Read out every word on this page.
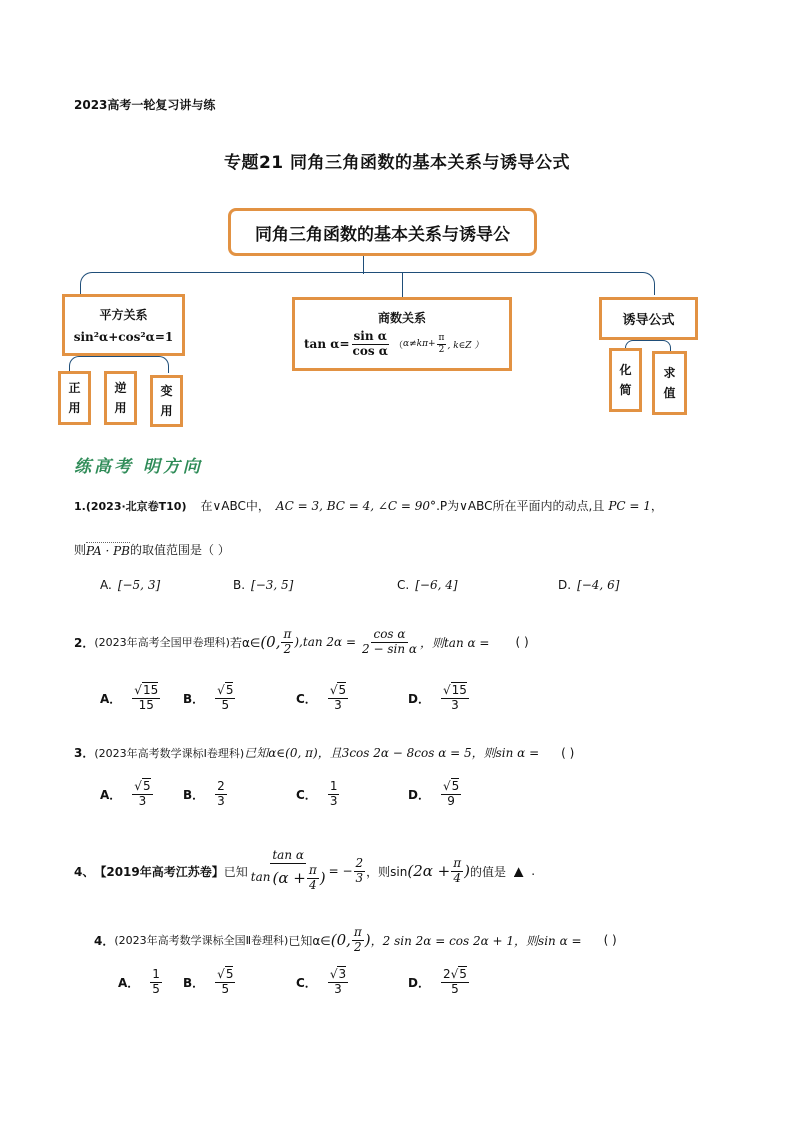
2023高考一轮复习讲与练
专题21 同角三角函数的基本关系与诱导公式
同角三角函数的基本关系与诱导公
平方关系
sin²α+cos²α=1
正
用
逆
用
变
用
商数关系
$\tan \alpha= \frac{\text{sin α}}{\text{cos α}}$ （ $\alpha\ne k\pi+ \frac{\pi}{2}$ , k∈Z ）
诱导公式
化
简
求
值
练高考 明方向
1.(2023·北京卷T10) 在∨ABC中， AC = 3, BC = 4, ∠C = 90° .P为∨ABC所在平面内的动点,且 PC = 1 ，
则 PA · PB 的取值范围是（ ）
A. [−5, 3]	B. [−3, 5]	C. [−6, 4]	D. [−4, 6]
2． (2023年高考全国甲卷理科) 若α∈ (0, $\frac{\pi}{2} ),\tan$ $2\alpha = \frac{\text{cos α}}{\text{2 − sin α}}$ ，则tan α = ( )
A． $\frac{√15}{15}$ B． $\frac{√5}{5}$	C． $\frac{√5}{3}$	D． $\frac{√15}{3}$
3． (2023年高考数学课标Ⅰ卷理科) 已知α∈(0, π)，且3cos 2α − 8cos α = 5，则sin α = ( )
A． $\frac{√5}{3}$	B． $\frac{2}{3}$	C． $\frac{1}{3}$	D． $\frac{√5}{9}$
4、 【2019年高考江苏卷】 已知 $\frac{\text{tan α}}{\tan (\alpha + \frac{\pi}{4} )}$ = − $\frac{2}{3}$ ，则$\sin (2\alpha + \frac{\pi}{4}$ ) 的值是 ▲ .
4． (2023年高考数学课标全国Ⅱ卷理科) 已知α∈ (0, $\frac{\pi}{2}$ ) ，2 sin 2α = cos 2α + 1，则sin α = ( )
A． $\frac{1}{5}$ B． $\frac{√5}{5}$	C． $\frac{√3}{3}$	D． $\frac{2√5}{5}$
